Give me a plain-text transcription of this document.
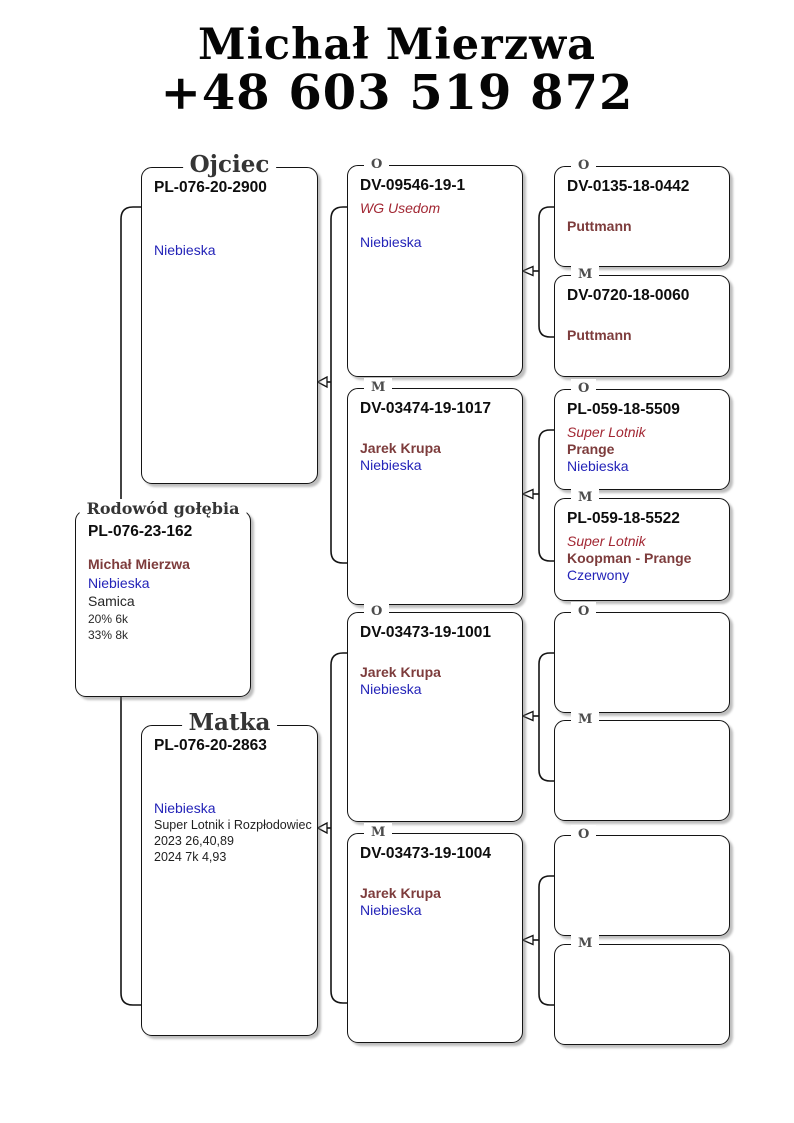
Michał Mierzwa
+48 603 519 872
Ojciec
PL-076-20-2900
Niebieska
Rodowód gołębia
PL-076-23-162
Michał Mierzwa
Niebieska
Samica
20% 6k
33% 8k
Matka
PL-076-20-2863
Niebieska
Super Lotnik i Rozpłodowiec
2023 26,40,89
2024 7k 4,93
O
DV-09546-19-1
WG Usedom
Niebieska
M
DV-03474-19-1017
Jarek Krupa
Niebieska
O
DV-03473-19-1001
Jarek Krupa
Niebieska
M
DV-03473-19-1004
Jarek Krupa
Niebieska
O
DV-0135-18-0442
Puttmann
M
DV-0720-18-0060
Puttmann
O
PL-059-18-5509
Super Lotnik
Prange
Niebieska
M
PL-059-18-5522
Super Lotnik
Koopman - Prange
Czerwony
O
M
O
M
